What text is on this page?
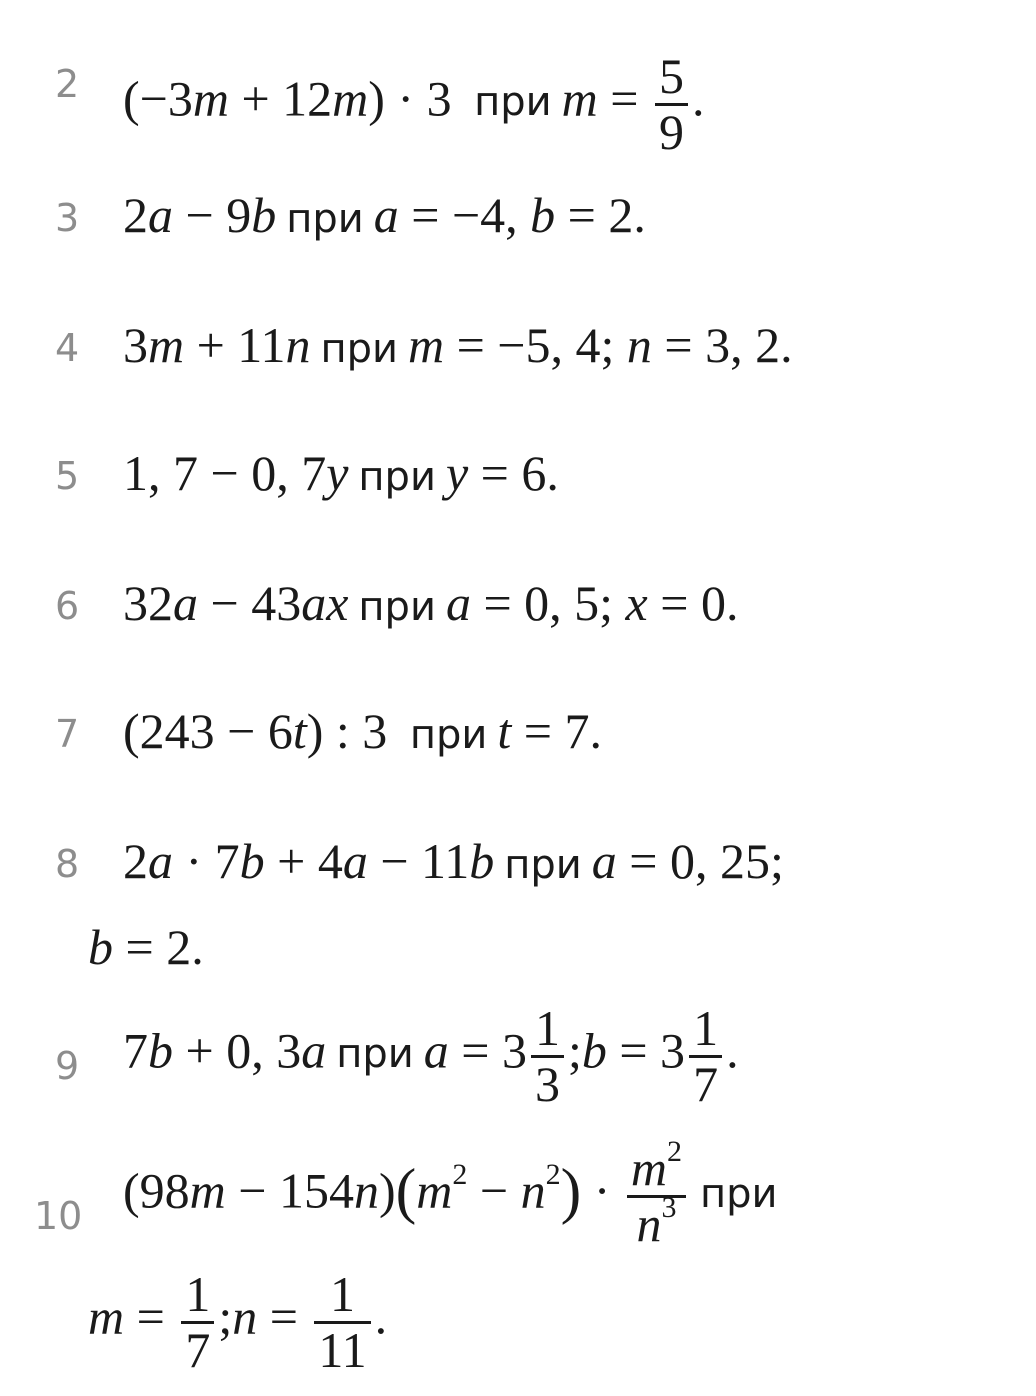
2 (−3m + 12m) · 3 при $m = \frac{5}{9}$ .
3 2a − 9b при a = −4, b = 2.
4 3m + 11n при m = −5, 4; n = 3, 2.
5 1, 7 − 0, 7y при y = 6.
6 32a − 43ax при a = 0, 5; x = 0.
7 (243 − 6t) : 3 при t = 7.
8 2a · 7b + 4a − 11b при a = 0, 25;
b = 2.
9 7b + 0, 3a при $a = 3 \frac{1}{3}$ ;b = $3 \frac{1}{7}$ .
10 $(98m - 154n)(m^2 - n^2) \cdot \frac{m^2}{n^3}$ при
$m = \frac{1}{7}$ ;n = $\frac{1}{11}$ .
